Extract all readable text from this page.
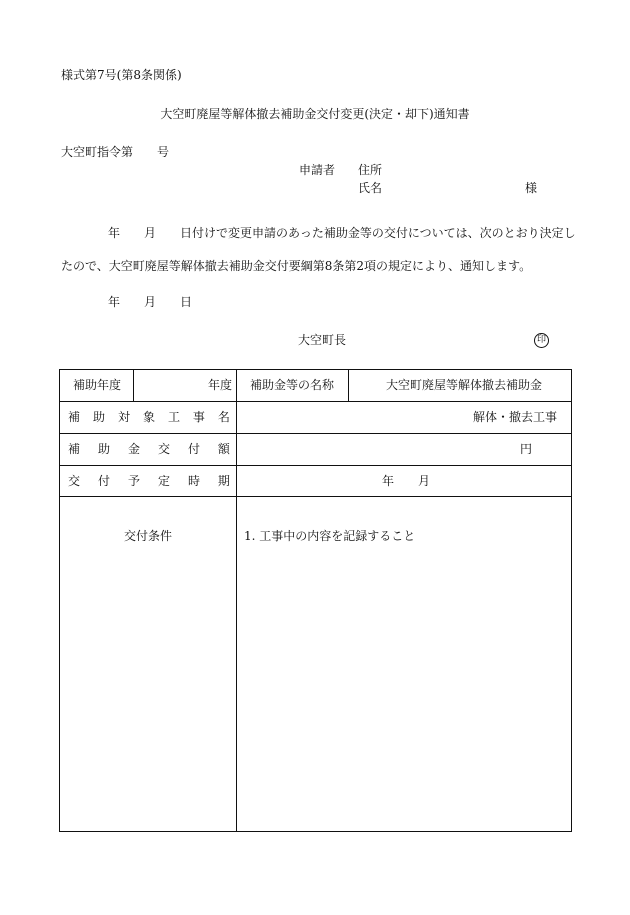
様式第7号(第8条関係)
大空町廃屋等解体撤去補助金交付変更(決定・却下)通知書
大空町指令第　　号
申請者 住所
氏名	様
年　　月　　日付けで変更申請のあった補助金等の交付については、次のとおり決定し
たので、大空町廃屋等解体撤去補助金交付要綱第8条第2項の規定により、通知します。
年　　月　　日
大空町長	印
補助年度	年度 補助金等の名称	大空町廃屋等解体撤去補助金
補 助 対 象 工 事 名	解体・撤去工事
補 助 金 交 付 額	円
交 付 予 定 時 期	年　　月
交付条件	1. 工事中の内容を記録すること
